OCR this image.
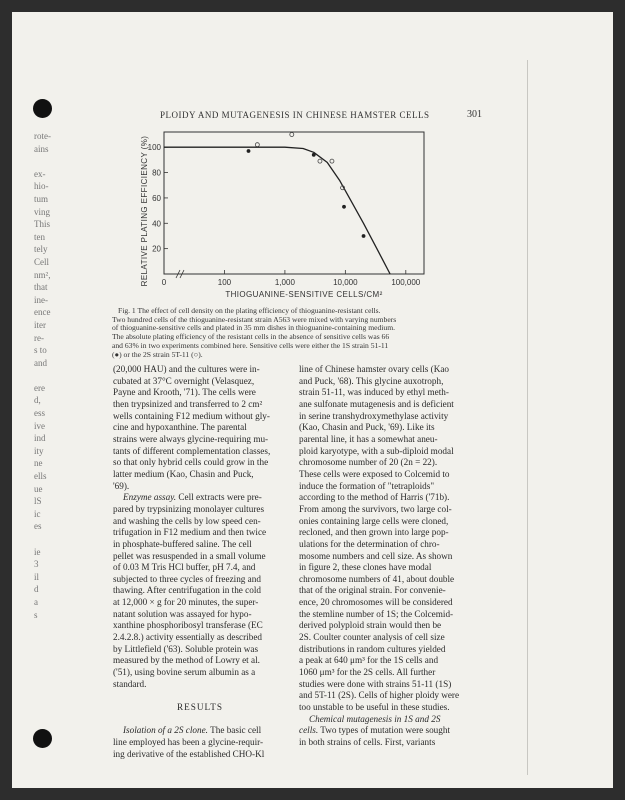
rote-
ains
ex-
hio-
tum
ving
This
ten
tely
Cell
nm²,
that
ine-
ence
iter
re-
s to
and
ere
d,
ess
ive
ind
ity
ne
ells
ue
lS
ic
es
ie
3
il
d
a
s
PLOIDY AND MUTAGENESIS IN CHINESE HAMSTER CELLS	301
0	100	1,000	10,000	100,000
20
40
60
80
100
THIOGUANINE-SENSITIVE CELLS/CM²
RELATIVE PLATING EFFICIENCY (%)
Fig. 1 The effect of cell density on the plating efficiency of thioguanine-resistant cells.
Two hundred cells of the thioguanine-resistant strain A563 were mixed with varying numbers
of thioguanine-sensitive cells and plated in 35 mm dishes in thioguanine-containing medium.
The absolute plating efficiency of the resistant cells in the absence of sensitive cells was 66
and 63% in two experiments combined here. Sensitive cells were either the 1S strain 51-11
(●) or the 2S strain 5T-11 (○).
(20,000 HAU) and the cultures were in-
cubated at 37°C overnight (Velasquez,
Payne and Krooth, '71). The cells were
then trypsinized and transferred to 2 cm²
wells containing F12 medium without gly-
cine and hypoxanthine. The parental
strains were always glycine-requiring mu-
tants of different complementation classes,
so that only hybrid cells could grow in the
latter medium (Kao, Chasin and Puck,
'69).
Enzyme assay. Cell extracts were pre-
pared by trypsinizing monolayer cultures
and washing the cells by low speed cen-
trifugation in F12 medium and then twice
in phosphate-buffered saline. The cell
pellet was resuspended in a small volume
of 0.03 M Tris HCl buffer, pH 7.4, and
subjected to three cycles of freezing and
thawing. After centrifugation in the cold
at 12,000 × g for 20 minutes, the super-
natant solution was assayed for hypo-
xanthine phosphoribosyl transferase (EC
2.4.2.8.) activity essentially as described
by Littlefield ('63). Soluble protein was
measured by the method of Lowry et al.
('51), using bovine serum albumin as a
standard.

RESULTS

Isolation of a 2S clone. The basic cell
line employed has been a glycine-requir-
ing derivative of the established CHO-Kl
line of Chinese hamster ovary cells (Kao
and Puck, '68). This glycine auxotroph,
strain 51-11, was induced by ethyl meth-
ane sulfonate mutagenesis and is deficient
in serine transhydroxymethylase activity
(Kao, Chasin and Puck, '69). Like its
parental line, it has a somewhat aneu-
ploid karyotype, with a sub-diploid modal
chromosome number of 20 (2n = 22).
These cells were exposed to Colcemid to
induce the formation of "tetraploids"
according to the method of Harris ('71b).
From among the survivors, two large col-
onies containing large cells were cloned,
recloned, and then grown into large pop-
ulations for the determination of chro-
mosome numbers and cell size. As shown
in figure 2, these clones have modal
chromosome numbers of 41, about double
that of the original strain. For convenie-
ence, 20 chromosomes will be considered
the stemline number of 1S; the Colcemid-
derived polyploid strain would then be
2S. Coulter counter analysis of cell size
distributions in random cultures yielded
a peak at 640 μm³ for the 1S cells and
1060 μm³ for the 2S cells. All further
studies were done with strains 51-11 (1S)
and 5T-11 (2S). Cells of higher ploidy were
too unstable to be useful in these studies.
Chemical mutagenesis in 1S and 2S
cells. Two types of mutation were sought
in both strains of cells. First, variants
